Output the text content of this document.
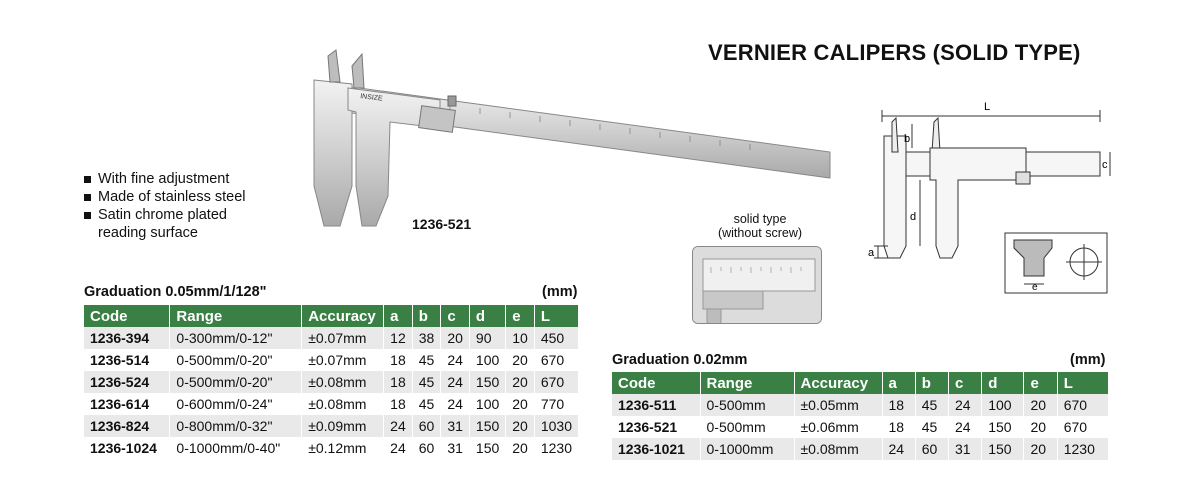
INSIZE
VERNIER CALIPERS (SOLID TYPE)
With fine adjustment
Made of stainless steel
Satin chrome plated
reading surface
1236-521	solid type
(without screw)
L
b
c
d
a
e
Graduation 0.05mm/1/128"	(mm)
Code	Range	Accuracy	a	b	c	d	e	L
1236-394	0-300mm/0-12"	±0.07mm	12	38	20	90	10	450
1236-514	0-500mm/0-20"	±0.07mm	18	45	24	100	20	670
1236-524	0-500mm/0-20"	±0.08mm	18	45	24	150	20	670
1236-614	0-600mm/0-24"	±0.08mm	18	45	24	100	20	770
1236-824	0-800mm/0-32"	±0.09mm	24	60	31	150	20	1030
1236-1024	0-1000mm/0-40"	±0.12mm	24	60	31	150	20	1230
Graduation 0.02mm	(mm)
Code	Range	Accuracy	a	b	c	d	e	L
1236-511	0-500mm	±0.05mm	18	45	24	100	20	670
1236-521	0-500mm	±0.06mm	18	45	24	150	20	670
1236-1021	0-1000mm	±0.08mm	24	60	31	150	20	1230
